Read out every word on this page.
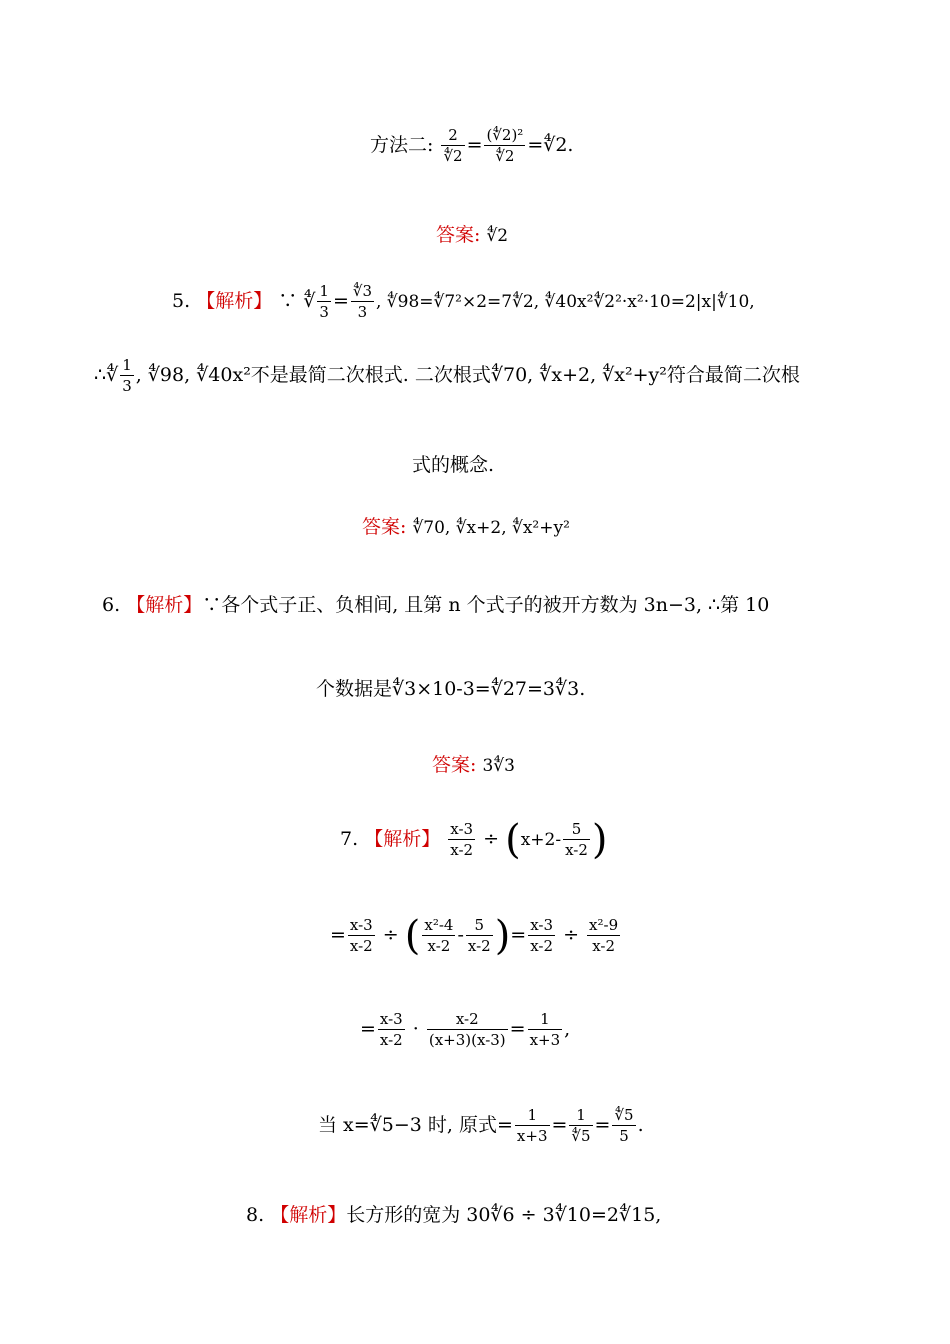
方法二: $\frac{2}{∜2} = \frac{\text{(∜2)²}}{∜2}$ =∜2.
答案: ∜2
5. 【解析】 ∵ ∜ $\frac{1}{3} = \frac{∜3}{3}$ , ∜98=∜7²×2=7∜2, ∜40x²∜2²·x²·10=2|x|∜10,
∴∜ $\frac{1}{3}$ , ∜98, ∜40x²不是最简二次根式. 二次根式∜70, ∜x+2, ∜x²+y²符合最简二次根
式的概念.
答案: ∜70, ∜x+2, ∜x²+y²
6. 【解析】∵各个式子正、负相间, 且第 n 个式子的被开方数为 3n−3, ∴第 10
个数据是∜3×10-3=∜27=3∜3.
答案: 3∜3
7. 【解析】 $\frac{x-3}{x-2} \div (x+2- \frac{5}{x-2}$ )
= $\frac{x-3}{x-2}$ ÷ ( $\frac{\text{x²-4}}{x-2} - \frac{5}{x-2}$ )= $\frac{x-3}{x-2} \div \frac{\text{x²-9}}{x-2}$
= $\frac{x-3}{x-2} \cdot \frac{x-2}{(x+3)(x-3)} = \frac{1}{x+3}$ ,
当 x=∜5−3 时, 原式= $\frac{1}{x+3} = \frac{1}{∜5} = \frac{∜5}{5}$ .
8. 【解析】长方形的宽为 30∜6 ÷ 3∜10=2∜15,
